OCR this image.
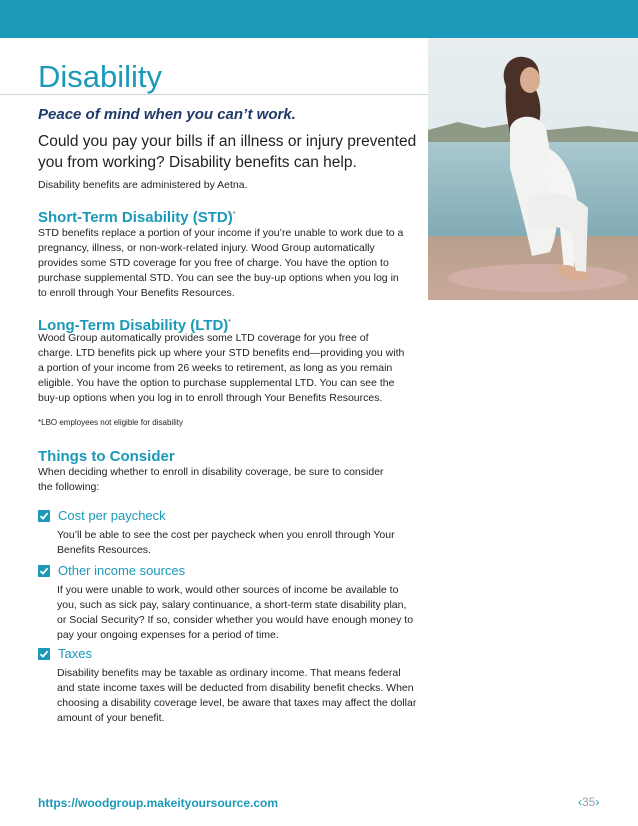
Disability
Peace of mind when you can’t work.
Could you pay your bills if an illness or injury prevented you from working? Disability benefits can help.
Disability benefits are administered by Aetna.
Short-Term Disability (STD)*
STD benefits replace a portion of your income if you’re unable to work due to a pregnancy, illness, or non-work-related injury. Wood Group automatically provides some STD coverage for you free of charge. You have the option to purchase supplemental STD. You can see the buy-up options when you log in to enroll through Your Benefits Resources.
Long-Term Disability (LTD)*
Wood Group automatically provides some LTD coverage for you free of charge. LTD benefits pick up where your STD benefits end—providing you with a portion of your income from 26 weeks to retirement, as long as you remain eligible. You have the option to purchase supplemental LTD. You can see the buy-up options when you log in to enroll through Your Benefits Resources.
*LBO employees not eligible for disability
Things to Consider
When deciding whether to enroll in disability coverage, be sure to consider the following:
Cost per paycheck
You’ll be able to see the cost per paycheck when you enroll through Your Benefits Resources.
Other income sources
If you were unable to work, would other sources of income be available to you, such as sick pay, salary continuance, a short-term state disability plan, or Social Security? If so, consider whether you would have enough money to pay your ongoing expenses for a period of time.
Taxes
Disability benefits may be taxable as ordinary income. That means federal and state income taxes will be deducted from disability benefit checks. When choosing a disability coverage level, be aware that taxes may affect the dollar amount of your benefit.
https://woodgroup.makeityoursource.com	‹35›
